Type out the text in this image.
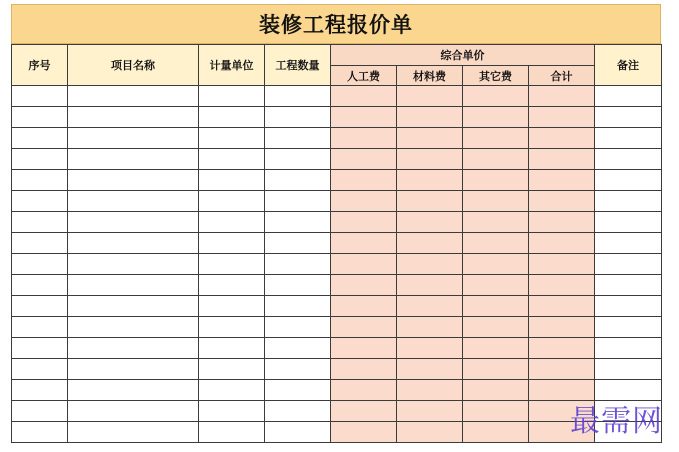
装修工程报价单
序号	项目名称	计量单位	工程数量	综合单价				备注
				人工费	材料费	其它费	合计	

最需网
